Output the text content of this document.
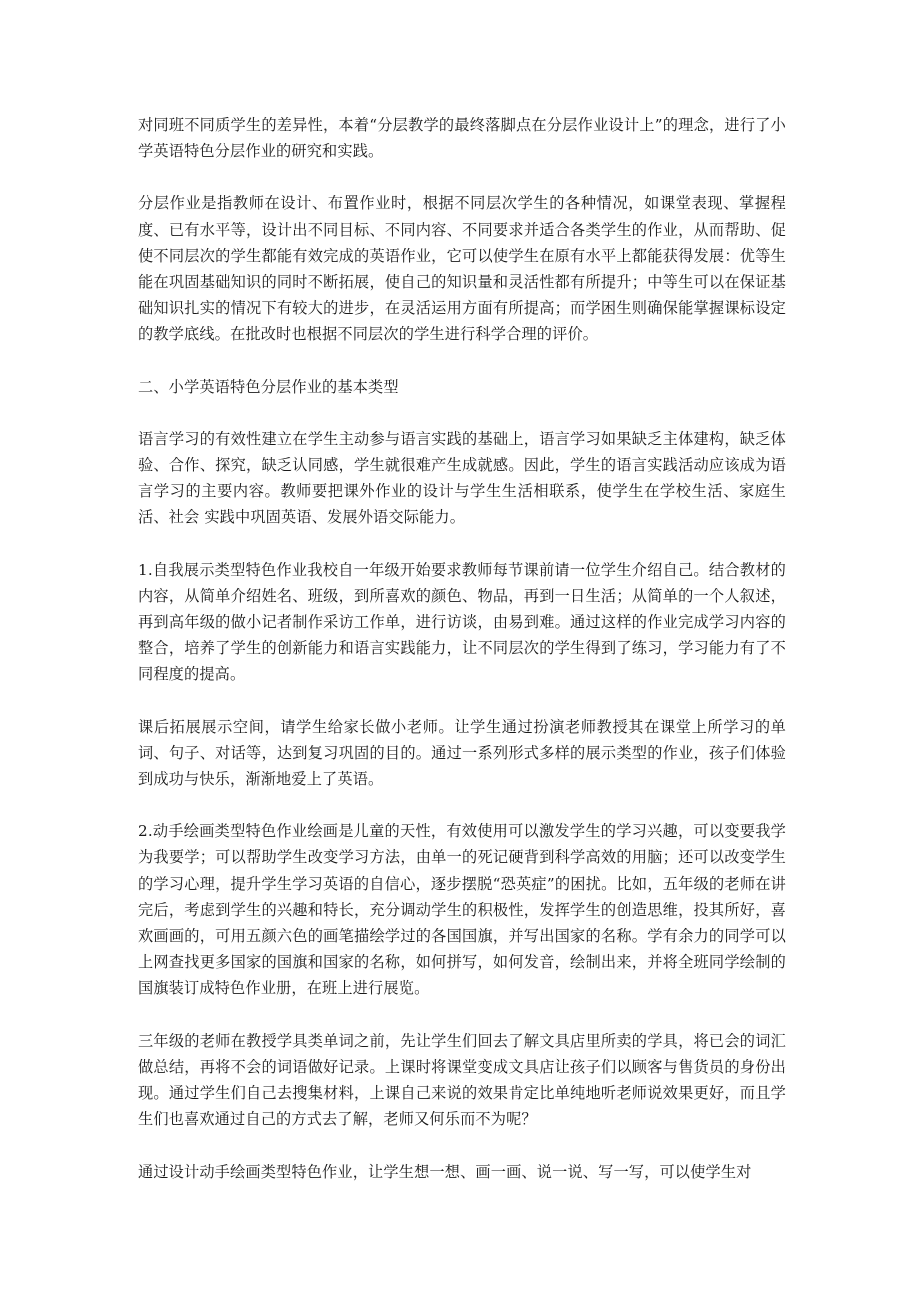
对同班不同质学生的差异性，本着“分层教学的最终落脚点在分层作业设计上”的理念，进行了小学英语特色分层作业的研究和实践。

分层作业是指教师在设计、布置作业时，根据不同层次学生的各种情况，如课堂表现、掌握程度、已有水平等，设计出不同目标、不同内容、不同要求并适合各类学生的作业，从而帮助、促使不同层次的学生都能有效完成的英语作业，它可以使学生在原有水平上都能获得发展：优等生能在巩固基础知识的同时不断拓展，使自己的知识量和灵活性都有所提升；中等生可以在保证基础知识扎实的情况下有较大的进步，在灵活运用方面有所提高；而学困生则确保能掌握课标设定的教学底线。在批改时也根据不同层次的学生进行科学合理的评价。

二、小学英语特色分层作业的基本类型

语言学习的有效性建立在学生主动参与语言实践的基础上，语言学习如果缺乏主体建构，缺乏体验、合作、探究，缺乏认同感，学生就很难产生成就感。因此，学生的语言实践活动应该成为语言学习的主要内容。教师要把课外作业的设计与学生生活相联系，使学生在学校生活、家庭生活、社会 实践中巩固英语、发展外语交际能力。

1.自我展示类型特色作业我校自一年级开始要求教师每节课前请一位学生介绍自己。结合教材的内容，从简单介绍姓名、班级，到所喜欢的颜色、物品，再到一日生活；从简单的一个人叙述，再到高年级的做小记者制作采访工作单，进行访谈，由易到难。通过这样的作业完成学习内容的整合，培养了学生的创新能力和语言实践能力，让不同层次的学生得到了练习，学习能力有了不同程度的提高。

课后拓展展示空间，请学生给家长做小老师。让学生通过扮演老师教授其在课堂上所学习的单词、句子、对话等，达到复习巩固的目的。通过一系列形式多样的展示类型的作业，孩子们体验到成功与快乐，渐渐地爱上了英语。

2.动手绘画类型特色作业绘画是儿童的天性，有效使用可以激发学生的学习兴趣，可以变要我学为我要学；可以帮助学生改变学习方法，由单一的死记硬背到科学高效的用脑；还可以改变学生的学习心理，提升学生学习英语的自信心，逐步摆脱“恐英症”的困扰。比如，五年级的老师在讲完后，考虑到学生的兴趣和特长，充分调动学生的积极性，发挥学生的创造思维，投其所好，喜欢画画的，可用五颜六色的画笔描绘学过的各国国旗，并写出国家的名称。学有余力的同学可以上网查找更多国家的国旗和国家的名称，如何拼写，如何发音，绘制出来，并将全班同学绘制的国旗装订成特色作业册，在班上进行展览。

三年级的老师在教授学具类单词之前，先让学生们回去了解文具店里所卖的学具，将已会的词汇做总结，再将不会的词语做好记录。上课时将课堂变成文具店让孩子们以顾客与售货员的身份出现。通过学生们自己去搜集材料，上课自己来说的效果肯定比单纯地听老师说效果更好，而且学生们也喜欢通过自己的方式去了解，老师又何乐而不为呢？

通过设计动手绘画类型特色作业，让学生想一想、画一画、说一说、写一写，可以使学生对
